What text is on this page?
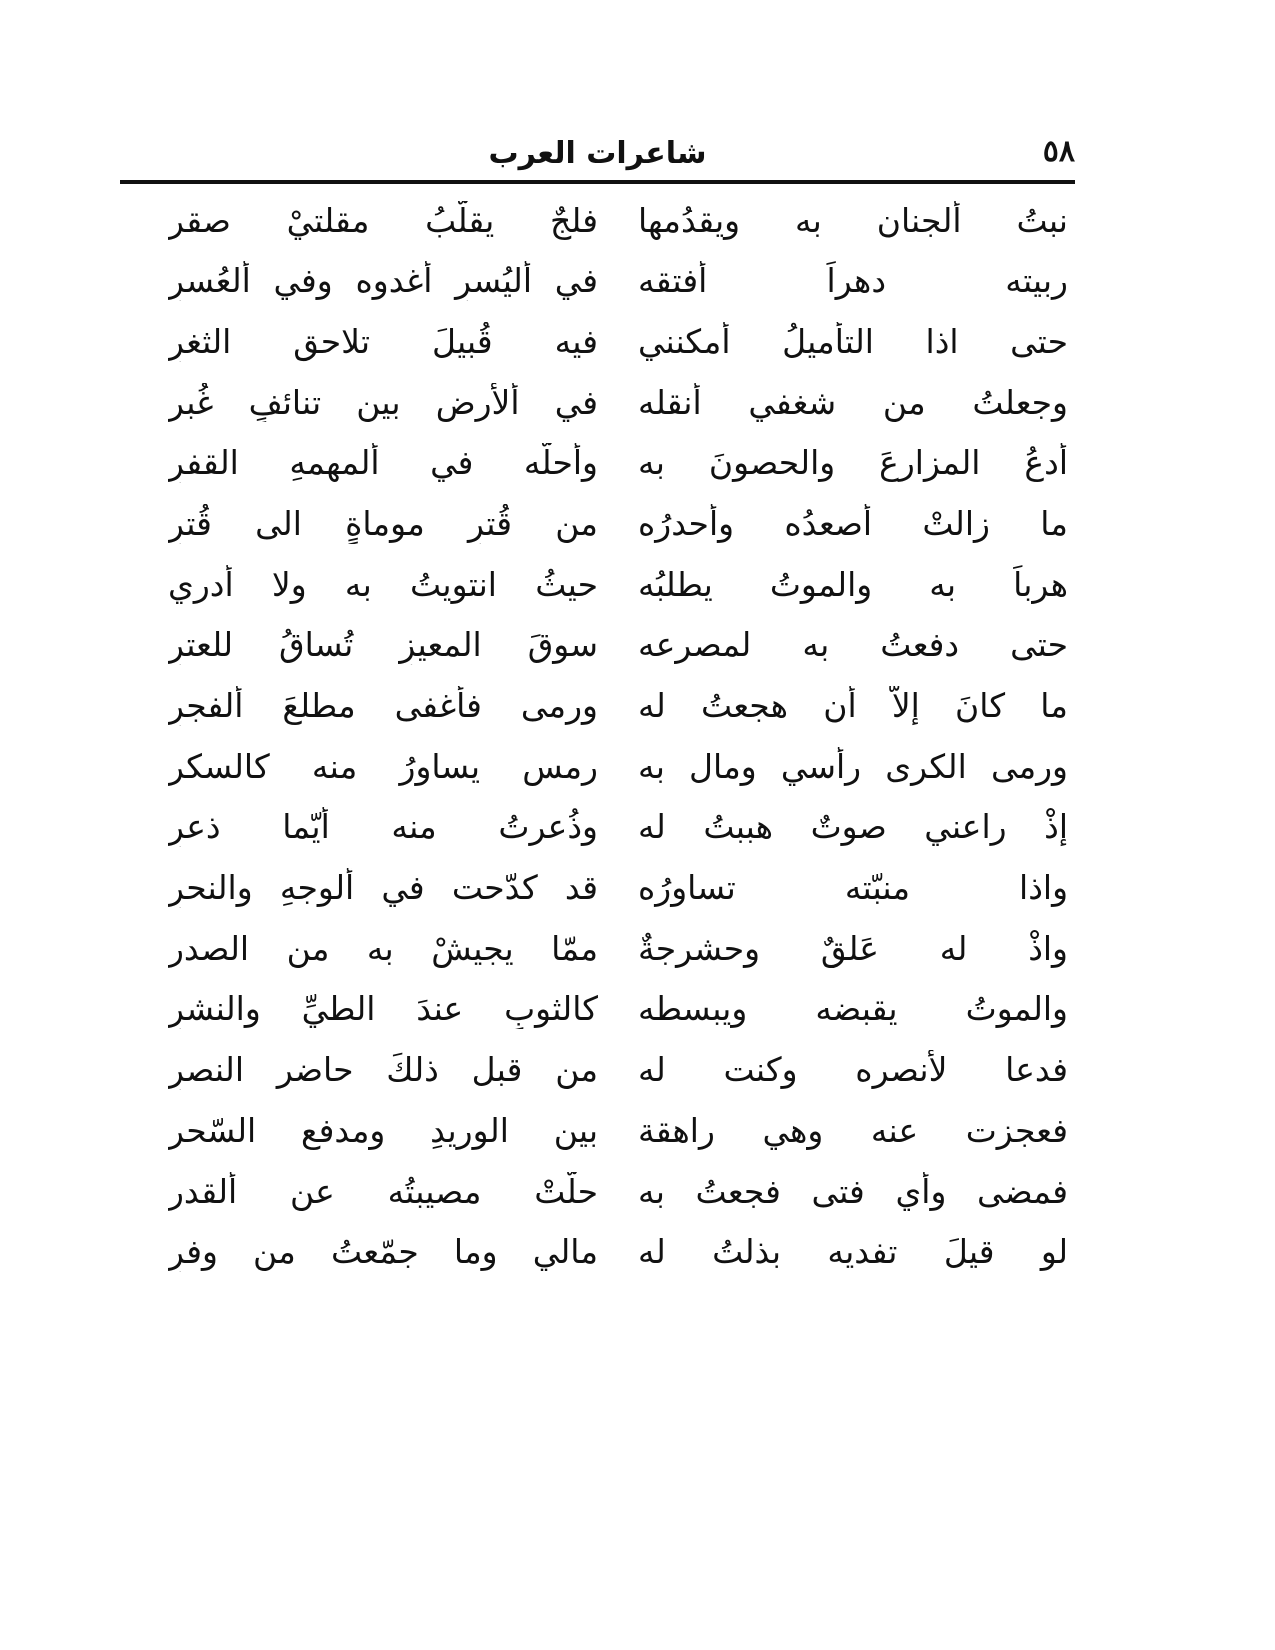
٥٨
شاعرات العرب
نبتُ ألجنانِ به ويقدُمها
فلجٌ يقلّبُ مقلتيْ صقرِ
ربيته دهراً أفتقه
في أليُسرِ أغدوه وفي ألعُسرِ
حتى اذا التأميلُ أمكنني
فيه قُبيلَ تلاحقِ الثغرِ
وجعلتُ من شغفي أنقله
في ألأرضِ بين تنائفٍ غُبرِ
أدعُ المزارعَ والحصونَ به
وأحلُّه في ألمهمهِ القفرِ
ما زالتْ أصعدُه وأحدرُه
من قُترِ موماةٍ الى قُترِ
هرباً به والموتُ يطلبُه
حيثُ انتويتُ به ولا أدري
حتى دفعتُ به لمصرعه
سوقَ المعيزِ تُساقُ للعترِ
ما كانَ إلاّ أن هجعتُ له
ورمى فأغفى مطلعَ ألفجرِ
ورمى الكرى رأسي ومال به
رمس يساورُ منه كالسكرِ
إذْ راعني صوتٌ هببتُ له
وذُعرتُ منه أيّما ذعرِ
واذا منبّته تساورُه
قد كدّحت في ألوجهِ والنحرِ
واذْ له عَلقٌ وحشرجةٌ
ممّا يجيشْ به من الصدرِ
والموتُ يقبضه ويبسطه
كالثوبِ عندَ الطيِّ والنشرِ
فدعا لأنصره وكنت له
من قبل ذلكَ حاضر النصرِ
فعجزت عنه وهي راهقة
بين الوريدِ ومدفعِ السّحرِ
فمضى وأي فتى فجعتُ به
حلّتْ مصيبتُه عن ألقدرِ
لو قيلَ تفديه بذلتُ له
مالي وما جمّعتُ من وفرِ
